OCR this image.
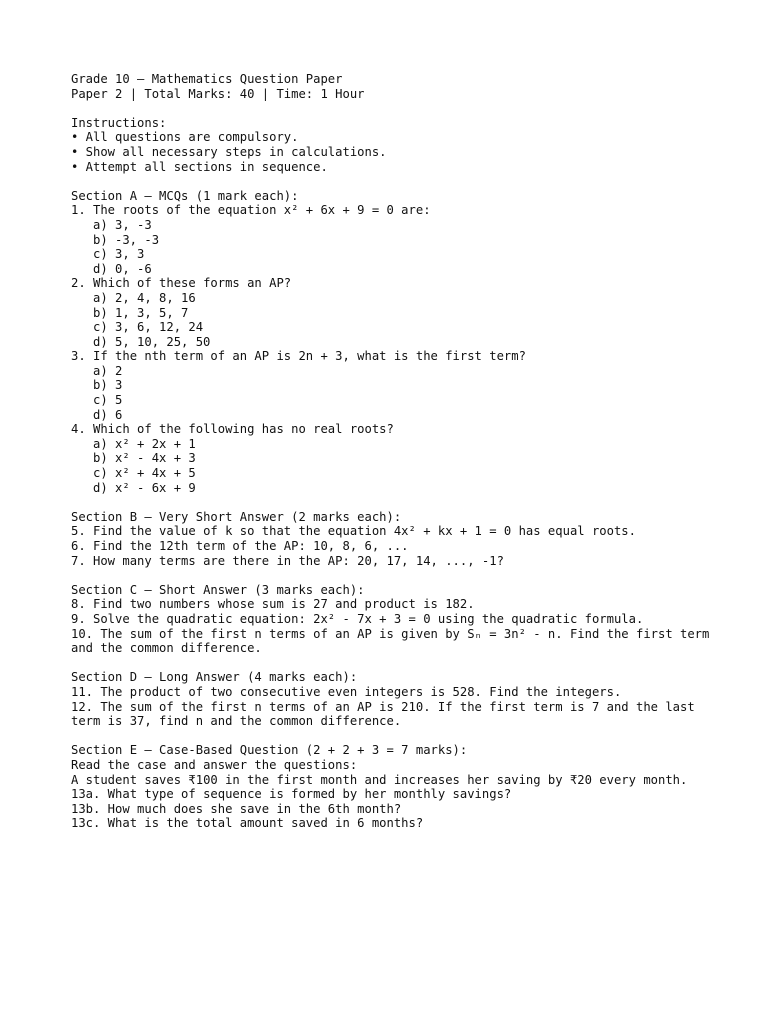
Grade 10 – Mathematics Question Paper

Paper 2 | Total Marks: 40 | Time: 1 Hour

Instructions:

• All questions are compulsory.

• Show all necessary steps in calculations.

• Attempt all sections in sequence.

Section A – MCQs (1 mark each):

1. The roots of the equation x² + 6x + 9 = 0 are:

a) 3, -3

b) -3, -3

c) 3, 3

d) 0, -6

2. Which of these forms an AP?

a) 2, 4, 8, 16

b) 1, 3, 5, 7

c) 3, 6, 12, 24

d) 5, 10, 25, 50

3. If the nth term of an AP is 2n + 3, what is the first term?

a) 2

b) 3

c) 5

d) 6

4. Which of the following has no real roots?

a) x² + 2x + 1

b) x² - 4x + 3

c) x² + 4x + 5

d) x² - 6x + 9

Section B – Very Short Answer (2 marks each):

5. Find the value of k so that the equation 4x² + kx + 1 = 0 has equal roots.

6. Find the 12th term of the AP: 10, 8, 6, ...

7. How many terms are there in the AP: 20, 17, 14, ..., -1?

Section C – Short Answer (3 marks each):

8. Find two numbers whose sum is 27 and product is 182.

9. Solve the quadratic equation: 2x² - 7x + 3 = 0 using the quadratic formula.

10. The sum of the first n terms of an AP is given by Sₙ = 3n² - n. Find the first term and the common difference.

Section D – Long Answer (4 marks each):

11. The product of two consecutive even integers is 528. Find the integers.

12. The sum of the first n terms of an AP is 210. If the first term is 7 and the last term is 37, find n and the common difference.

Section E – Case-Based Question (2 + 2 + 3 = 7 marks):

Read the case and answer the questions:

A student saves ₹100 in the first month and increases her saving by ₹20 every month.

13a. What type of sequence is formed by her monthly savings?

13b. How much does she save in the 6th month?

13c. What is the total amount saved in 6 months?
